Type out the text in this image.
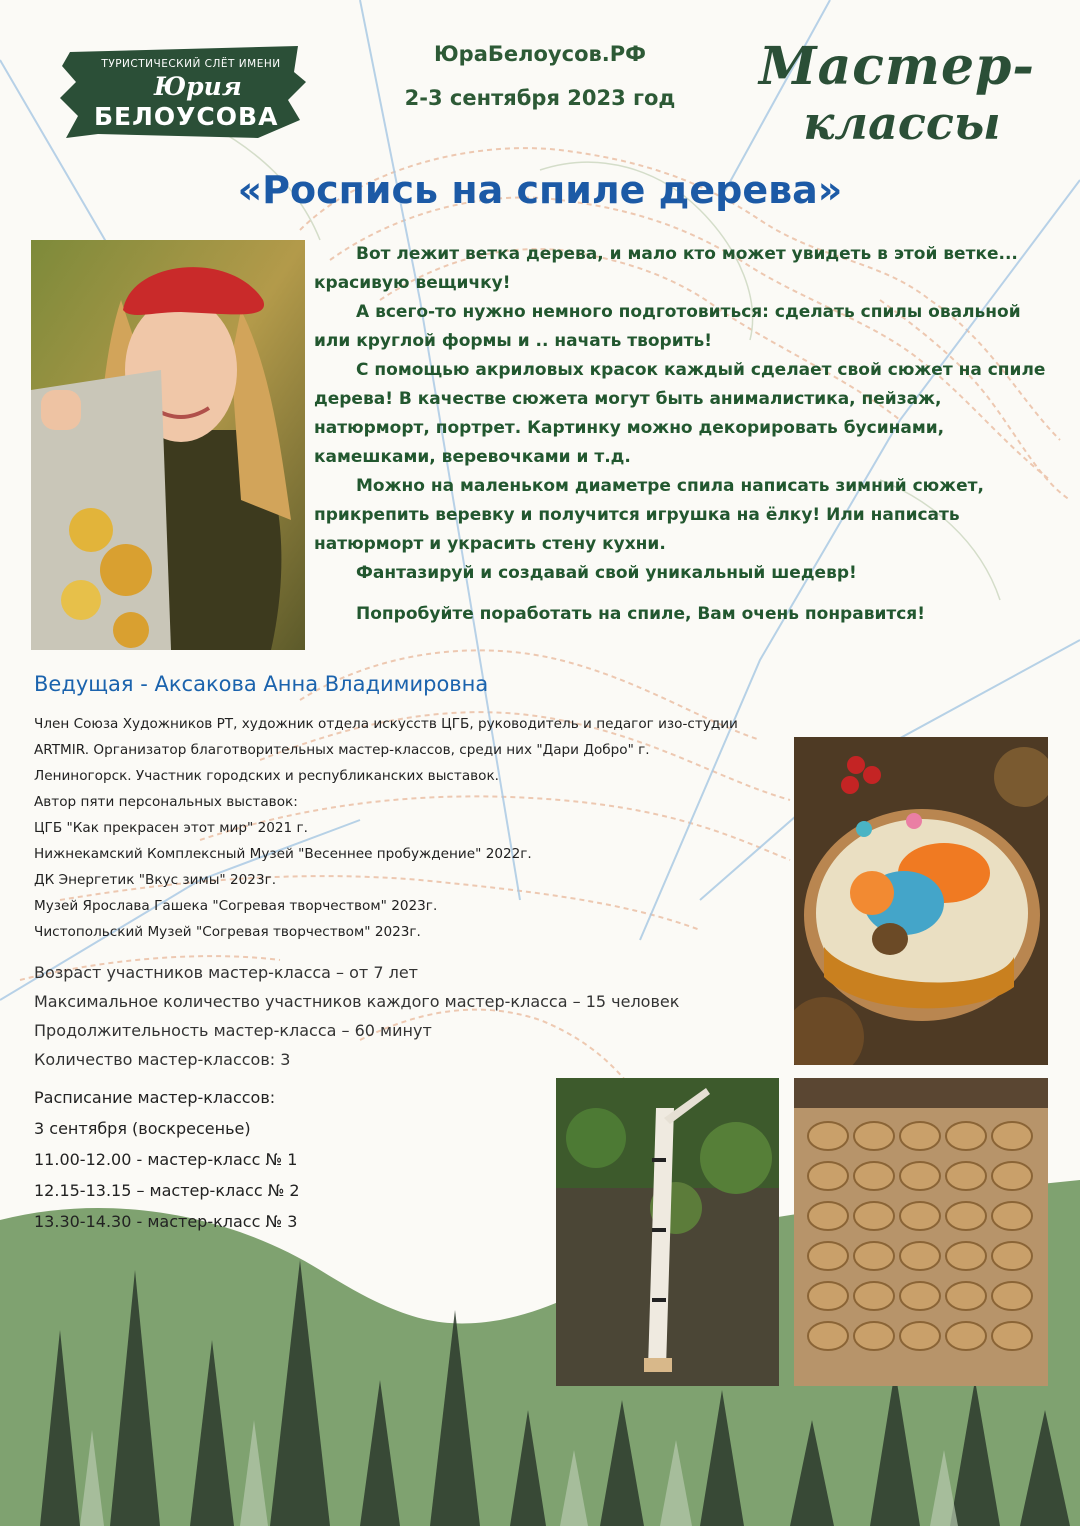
ТУРИСТИЧЕСКИЙ СЛЁТ ИМЕНИ
Юрия
БЕЛОУСОВА
ЮраБелоусов.РФ
2-3 сентября 2023 год
Мастер-
классы
«Роспись на спиле дерева»

Вот лежит ветка дерева, и мало кто может увидеть в этой ветке... красивую вещичку!

А всего-то нужно немного подготовиться: сделать спилы овальной или круглой формы и .. начать творить!

С помощью акриловых красок каждый сделает свой сюжет на спиле дерева! В качестве сюжета могут быть анималистика, пейзаж, натюрморт, портрет. Картинку можно декорировать бусинами, камешками, веревочками и т.д.

Можно на маленьком диаметре спила написать зимний сюжет, прикрепить веревку и получится игрушка на ёлку! Или написать натюрморт и украсить стену кухни.

Фантазируй и создавай свой уникальный шедевр!

Попробуйте поработать на спиле, Вам очень понравится!

Ведущая - Аксакова Анна Владимировна
Член Союза Художников РТ, художник отдела искусств ЦГБ, руководитель и педагог изо-студии
ARTMIR. Организатор благотворительных мастер-классов, среди них "Дари Добро" г.
Лениногорск. Участник городских и республиканских выставок.
Автор пяти персональных выставок:
ЦГБ "Как прекрасен этот мир" 2021 г.
Нижнекамский Комплексный Музей "Весеннее пробуждение" 2022г.
ДК Энергетик "Вкус зимы" 2023г.
Музей Ярослава Гашека "Согревая творчеством" 2023г.
Чистопольский Музей "Согревая творчеством" 2023г.
Возраст участников мастер-класса – от 7 лет
Максимальное количество участников каждого мастер-класса – 15 человек
Продолжительность мастер-класса – 60 минут
Количество мастер-классов: 3
Расписание мастер-классов:
3 сентября (воскресенье)
11.00-12.00 - мастер-класс № 1
12.15-13.15 – мастер-класс № 2
13.30-14.30 - мастер-класс № 3
